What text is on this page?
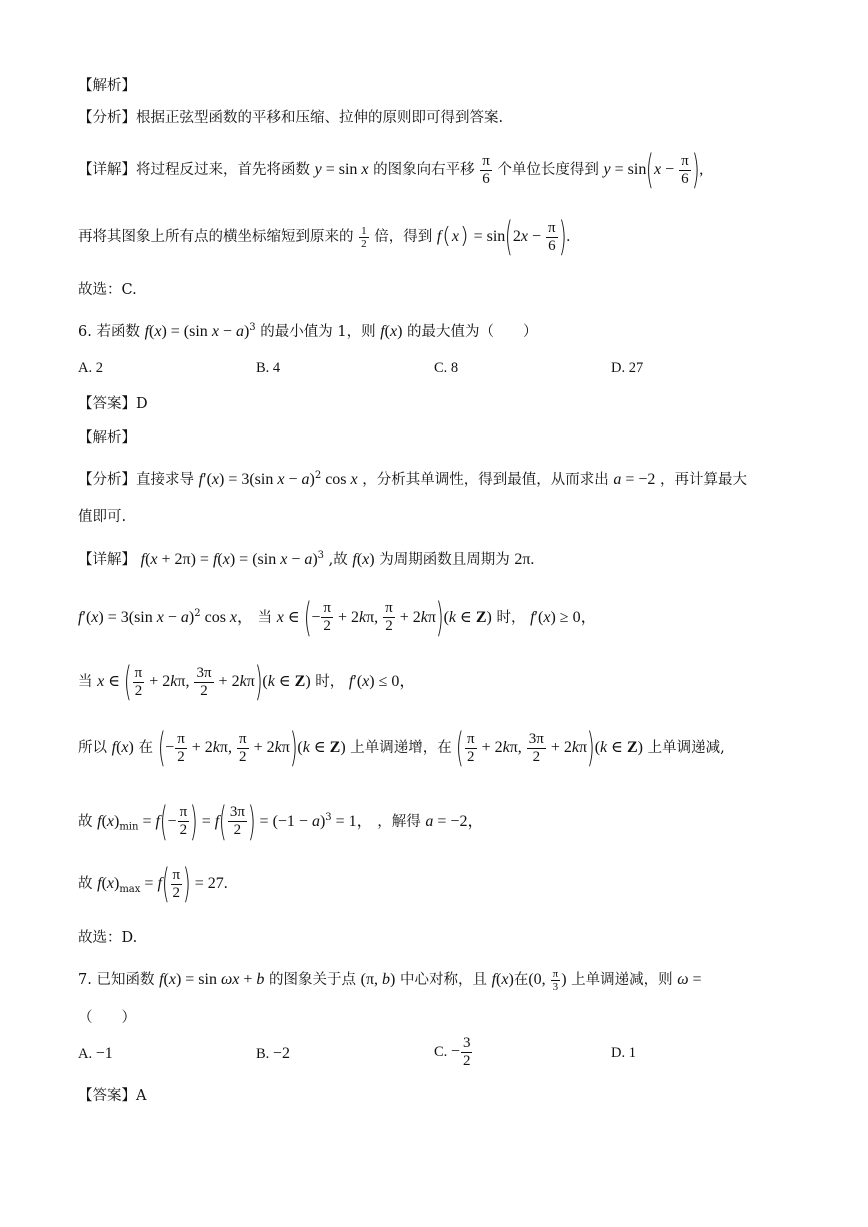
【解析】
【分析】根据正弦型函数的平移和压缩、拉伸的原则即可得到答案.
【详解】将过程反过来，首先将函数 y = sin x 的图象向右平移 $\frac{\pi}{6}$ 个单位长度得到 $y = \sin(x - \frac{\pi}{6}$ ),
再将其图象上所有点的横坐标缩短到原来的 $\frac{1}{2}$ 倍，得到 $f(x) = \sin(2x - \frac{\pi}{6}$ ).
故选：C.
6. 若函数 f(x) = (sin x − a)$^3$ 的最小值为 1，则 f(x) 的最大值为（　　）
A. 2	B. 4	C. 8	D. 27
【答案】D
【解析】
【分析】直接求导 f′(x) = 3(sin x − a)$^2$ cos x ，分析其单调性，得到最值，从而求出 a = −2 ，再计算最大
值即可.
【详解】 f(x + 2π) = f(x) = (sin x − a)$^3$ ,故 f(x) 为周期函数且周期为 2π.
f′(x) = 3(sin x − a)$^2$ cos x， 当 x ∈ (− $\frac{\pi}{2} + 2k\pi$, $\frac{\pi}{2} + 2k\pi)(k$ ∈ Z) 时， f′(x) ≥ 0，
当 x ∈ ( $\frac{\pi}{2} + 2k\pi$, $\frac{3\pi}{2} + 2k\pi)(k$ ∈ Z) 时， f′(x) ≤ 0，
所以 f(x) 在 (− $\frac{\pi}{2} + 2k\pi$, $\frac{\pi}{2} + 2k\pi)(k$ ∈ Z) 上单调递增，在 ( $\frac{\pi}{2} + 2k\pi$, $\frac{3\pi}{2} + 2k\pi)(k$ ∈ Z) 上单调递减,
故 $f(x)_{min} = f(- \frac{\pi}{2}$ ) = $f( \frac{3\pi}{2}$ ) = $(-1 - a)^3 = 1$， ，解得 a = −2，
故 $f(x)_{max} = f( \frac{\pi}{2}$ ) = 27.
故选：D.
7. 已知函数 f(x) = sin ωx + b 的图象关于点 (π, b) 中心对称，且 f(x)在(0, $\frac{\pi}{3}$ ) 上单调递减，则 ω =
（　　）
A. −1	B. −2	C. − $\frac{3}{2}$	D. 1
【答案】A
